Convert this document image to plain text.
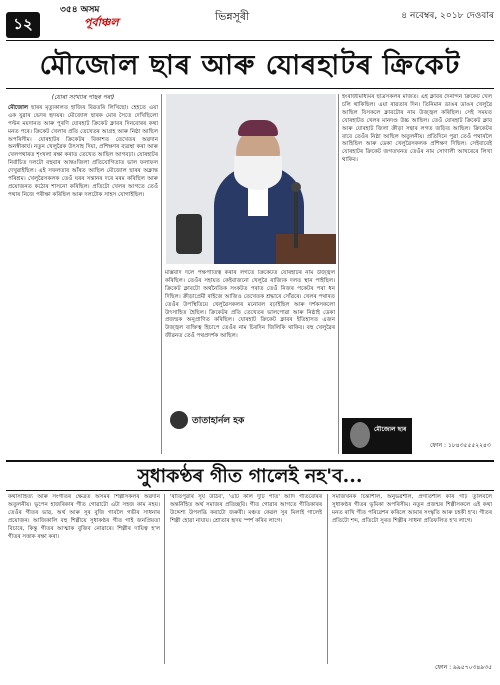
১২
৩৫৪ অসম
পূৰ্বাঞ্চল	ভিন্নসূৰী	৪ নবেম্বৰ, ২০১৮ দেওবাৰ
মৌজোল ছাৰ আৰু যোৰহাটৰ ক্ৰিকেট
(যোৰা সংখ্যাৰ পাছৰ পৰা)
মৌজোল ছাৰৰ মৃত্যুকালত হাজিৰ বিৱতৰি লিখিছো। হেহতে এয়া এক যুৱাৰ ভেদৰ হৃদয়ৰ। মৌজোল ছাৰক মোৰ সৈতে দেখিছিলো পল্টন ময়দানত আৰু পুৰণি যোৰহাট ক্ৰিকেট ক্লাবৰ দিনবোৰৰ কথা মনত পৰে। ক্ৰিকেট খেলাৰ প্ৰতি তেখেতৰ আগ্ৰহ আৰু নিষ্ঠা আছিল অপৰিসীম। যোৰহাটৰ ক্ৰিকেটৰ বিকাশত তেখেতৰ অৱদান অনস্বীকাৰ্য। নতুন খেলুৱৈক উৎসাহ দিয়া, প্ৰশিক্ষণৰ ব্যৱস্থা কৰা আৰু খেলপথাৰত শৃংখলা ৰক্ষা কৰাত তেখেত আছিল আগবঢ়া। যোৰহাটৰ নিৰ্বাচিত দলটো বহুবাৰ আন্তঃজিলা প্ৰতিযোগিতাত ভাল ফলাফল দেখুৱাইছিল। এই সফলতাৰ আঁৰত আছিল মৌজোল ছাৰৰ অক্লান্ত পৰিশ্ৰম। খেলুৱৈসকলক তেওঁ ঘৰৰ সন্তানৰ দৰে মৰম কৰিছিল আৰু প্ৰয়োজনত কঠোৰ শাসনো কৰিছিল। প্ৰতিটো খেলৰ আগতে তেওঁ পথাৰ নিজে পৰীক্ষা কৰিছিল আৰু দলটোক সাহস যোগাইছিল।
মাৰ্ক্সবাদ দলে পক্ষপাতিত্ব কৰাৰ লগতে ক্ৰিকেটত যোৰহাটৰ নাম উজ্জ্বল কৰিছিল। তেওঁৰ সহায়ত কেইবাজনো খেলুৱৈ ৰাজ্যিক দলত স্থান পাইছিল। ক্ৰিকেট ক্লাবটো অৰ্থনৈতিক সংকটত পৰাত তেওঁ নিজৰ পকেটৰ পৰা ধন দিছিল। ক্ৰীড়াপ্ৰেমী ৰাইজে আজিও তেখেতক শ্ৰদ্ধাৰে সোঁৱৰে। খেলৰ পথাৰত তেওঁৰ উপস্থিতিয়ে খেলুৱৈসকলৰ মনোবল বঢ়াইছিল আৰু দৰ্শকসকলো উৎসাহিত হৈছিল। ক্ৰিকেটৰ প্ৰতি তেখেতৰ ভালপোৱা আৰু নিষ্ঠাই ডেকা প্ৰজন্মক অনুপ্ৰাণিত কৰিছিল। যোৰহাট ক্ৰিকেট ক্লাবৰ ইতিহাসত এজন উজ্জ্বল ব্যক্তিত্ব হিচাপে তেওঁৰ নাম চিৰদিন জিলিকি থাকিব। বহু খেলুৱৈৰ জীৱনত তেওঁ পথপ্ৰদৰ্শক আছিল।
তাতাহাৰ্নল হক
ইংৰাজীমাধ্যমৰ ছাত্ৰসকলৰ মাজত। এই ক্লাবৰ দৈনন্দিন ক্ৰিকেট খেল চলি থাকিছিল। এয়া ৰাৱতাৰ দিন। তিনিমান ডাঙৰ ডাঙৰ খেলুৱৈ আছিল যিসকলে ক্লাবটোৰ নাম উজ্জ্বল কৰিছিল। সেই সময়ত যোৰহাটত খেলৰ মানদণ্ড উচ্চ আছিল। তেওঁ যোৰহাট ক্ৰিকেট ক্লাব আৰু যোৰহাট জিলা ক্ৰীড়া সন্থাৰ লগত জড়িত আছিল। ক্ৰিকেটৰ বাবে তেওঁৰ নিষ্ঠা আছিল অতুলনীয়। প্ৰতিদিনে পুৱা তেওঁ পথাৰলৈ আহিছিল আৰু ডেকা খেলুৱৈসকলক প্ৰশিক্ষণ দিছিল। সেইবাবেই যোৰহাটৰ ক্ৰিকেট জগতখনত তেওঁৰ নাম সোণালী আখৰেৰে লিখা থাকিব।
মৌজোল ছাৰ
ফোন : ১৮৪৩৫৫৫২২৪৩
সুধাকণ্ঠৰ গীত গালেই নহ'ব...
কথাসাহিত্য আৰু সংগীতৰ ক্ষেত্ৰত অসমৰ শিল্পীসকলৰ অৱদান অতুলনীয়। ভূপেন হাজৰিকাৰ গীত গোৱাটো এটা সহজ কাম নহয়। তেওঁৰ গীতৰ ভাৱ, অৰ্থ আৰু সুৰ বুজি গাবলৈ গভীৰ সাধনাৰ প্ৰয়োজন। আজিকালি বহু শিল্পীয়ে সুধাকণ্ঠৰ গীত গাই জনপ্ৰিয়তা বিচাৰে, কিন্তু গীতৰ আত্মাক বুজিব নোৱাৰে। শিল্পীৰ দায়িত্ব হ'ল গীতৰ সত্তাক ৰক্ষা কৰা।
'ৰাতিপুৱাৰ সূৰ্য উঠিব', 'এটি কলি দুটি পাত' আদি গীতবোৰৰ অন্তৰ্নিহিত অৰ্থ সমাজৰ প্ৰতিচ্ছবি। গীত গোৱাৰ আগতে গীতিকাৰৰ উদ্দেশ্য উপলব্ধি কৰাটো জৰুৰী। মঞ্চত কেৱল সুৰ মিলাই গালেই শিল্পী হোৱা নাযায়। শ্ৰোতাৰ হৃদয় স্পৰ্শ কৰিব লাগে।
সমাজখনক চিন্তাশীল, অনুভৱশীল, প্ৰগতিশীল কৰি গঢ়ি তুলিবলৈ সুধাকণ্ঠৰ গীতৰ ভূমিকা অপৰিসীম। নতুন প্ৰজন্মৰ শিল্পীসকলে এই কথা মনত ৰাখি গীত পৰিৱেশন কৰিলে আমাৰ সংস্কৃতি আৰু চহকী হ'ব। গীতৰ প্ৰতিটো শব্দ, প্ৰতিটো সুৰত শিল্পীৰ সাধনা প্ৰতিফলিত হ'ব লাগে।
ফোন : ৯৯৫৭০৩৪৯৩৫
